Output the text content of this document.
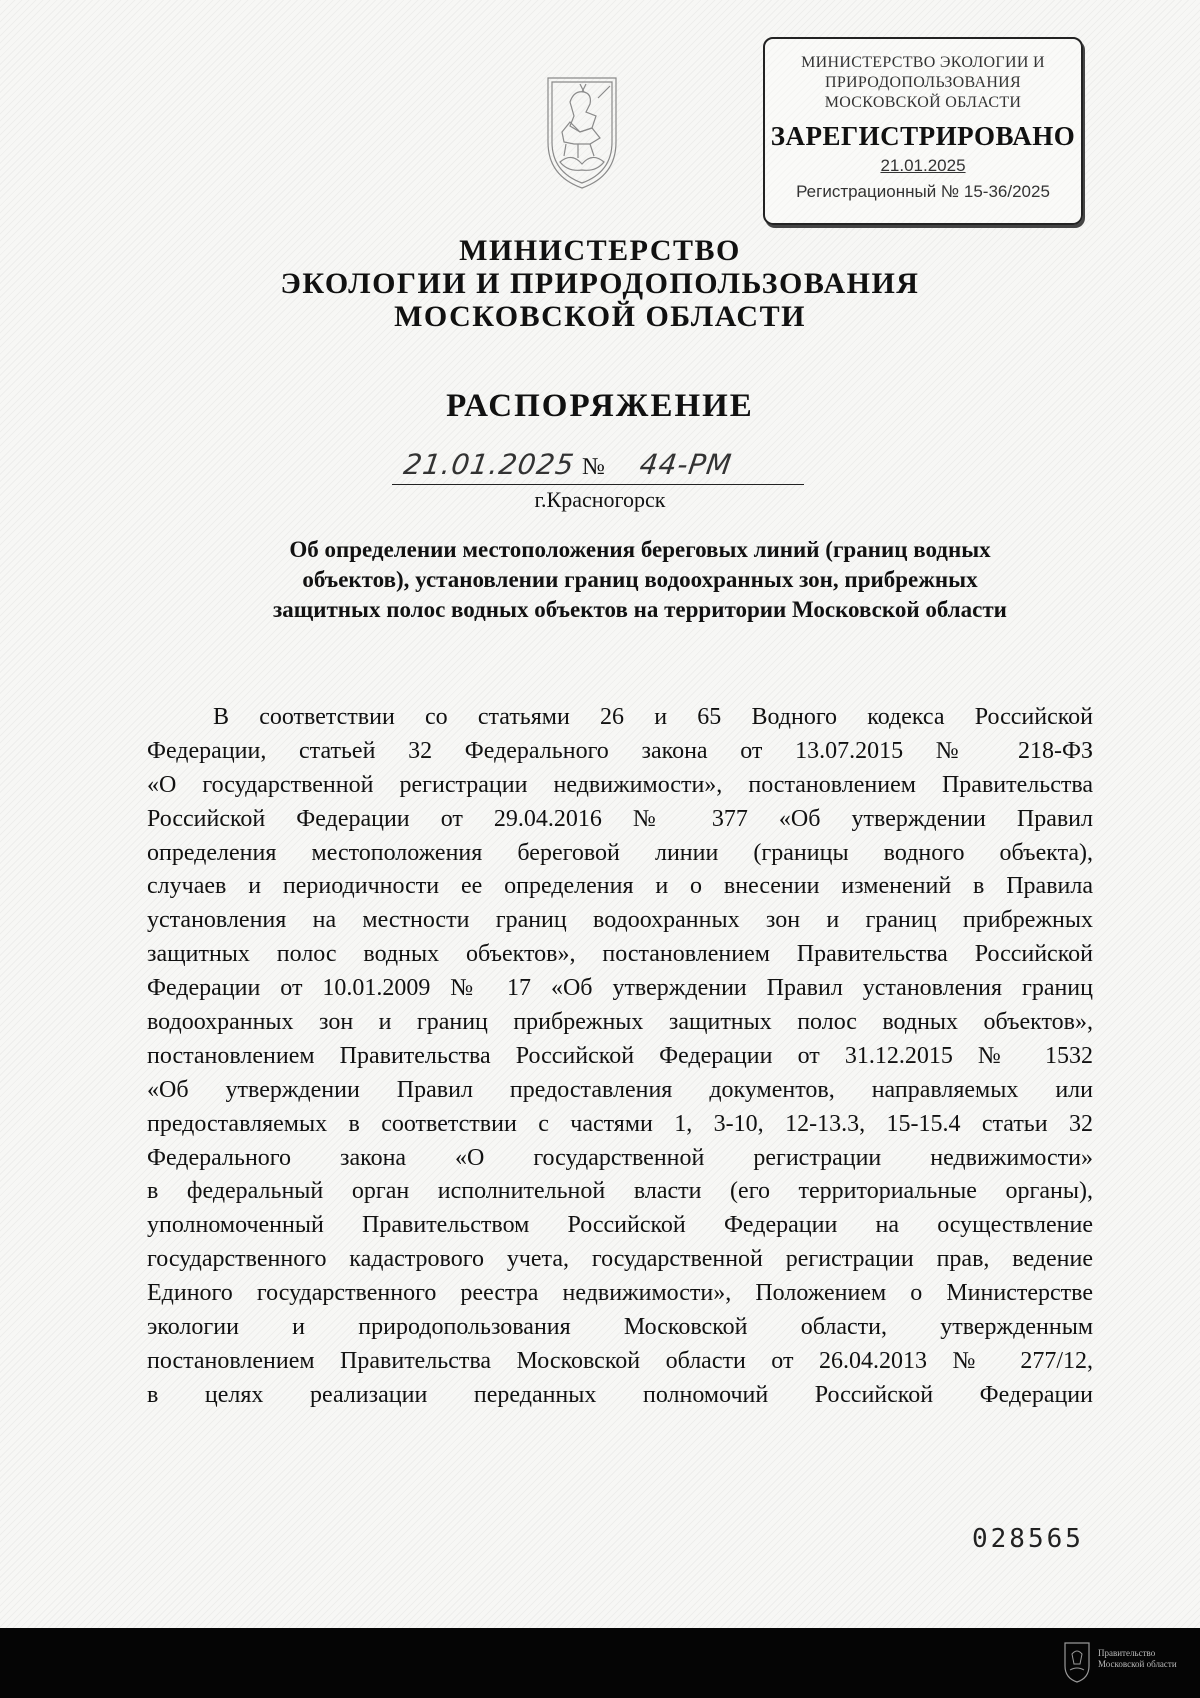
МИНИСТЕРСТВО ЭКОЛОГИИ И
ПРИРОДОПОЛЬЗОВАНИЯ
МОСКОВСКОЙ ОБЛАСТИ
ЗАРЕГИСТРИРОВАНО
21.01.2025
Регистрационный № 15-36/2025
МИНИСТЕРСТВО
ЭКОЛОГИИ И ПРИРОДОПОЛЬЗОВАНИЯ
МОСКОВСКОЙ ОБЛАСТИ
РАСПОРЯЖЕНИЕ
21.01.2025 № 44-РМ
г.Красногорск
Об определении местоположения береговых линий (границ водных
объектов), установлении границ водоохранных зон, прибрежных
защитных полос водных объектов на территории Московской области
В соответствии со статьями 26 и 65 Водного кодекса Российской
Федерации, статьей 32 Федерального закона от 13.07.2015 № 218-ФЗ
«О государственной регистрации недвижимости», постановлением Правительства
Российской Федерации от 29.04.2016 № 377 «Об утверждении Правил
определения местоположения береговой линии (границы водного объекта),
случаев и периодичности ее определения и о внесении изменений в Правила
установления на местности границ водоохранных зон и границ прибрежных
защитных полос водных объектов», постановлением Правительства Российской
Федерации от 10.01.2009 № 17 «Об утверждении Правил установления границ
водоохранных зон и границ прибрежных защитных полос водных объектов»,
постановлением Правительства Российской Федерации от 31.12.2015 № 1532
«Об утверждении Правил предоставления документов, направляемых или
предоставляемых в соответствии с частями 1, 3-10, 12-13.3, 15-15.4 статьи 32
Федерального закона «О государственной регистрации недвижимости»
в федеральный орган исполнительной власти (его территориальные органы),
уполномоченный Правительством Российской Федерации на осуществление
государственного кадастрового учета, государственной регистрации прав, ведение
Единого государственного реестра недвижимости», Положением о Министерстве
экологии и природопользования Московской области, утвержденным
постановлением Правительства Московской области от 26.04.2013 № 277/12,
в целях реализации переданных полномочий Российской Федерации
028565
Правительство
Московской области
